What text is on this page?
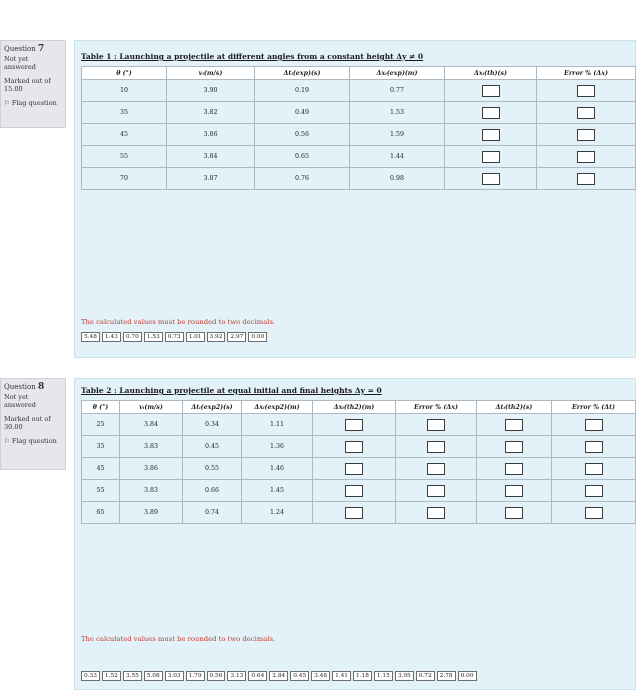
Question 7
Not yet answered
Marked out of 15.00
⚐ Flag question
Table 1 : Launching a projectile at different angles from a constant height Δy ≠ 0
θ (°)	vᵢ(m/s)	Δtᵢ(exp)(s)	Δxᵢ(exp)(m)	Δxᵢ(th)(s)	Error % (Δx)
10	3.90	0.19	0.77		
35	3.82	0.49	1.53		
45	3.86	0.56	1.59		
55	3.84	0.65	1.44		
70	3.87	0.76	0.98		
The calculated values must be rounded to two decimals.
5.48	1.43	0.70	1.53	0.73	1.01	3.92	2.97	0.00
Question 8
Not yet answered
Marked out of 30.00
⚐ Flag question
Table 2 : Launching a projectile at equal initial and final heights Δy = 0
θ (°)	vᵢ(m/s)	Δtᵢ(exp2)(s)	Δxᵢ(exp2)(m)	Δxᵢ(th2)(m)	Error % (Δx)	Δtᵢ(th2)(s)	Error % (Δt)
25	3.84	0.34	1.11				
35	3.83	0.45	1.36				
45	3.86	0.55	1.46				
55	3.83	0.66	1.45				
65	3.89	0.74	1.24				
The calculated values must be rounded to two decimals.
0.33	1.52	3.55	5.08	3.03	1.79	0.56	3.13	0.64	2.84	0.45	3.48	1.41	1.18	1.15	3.95	0.72	2.78	0.00
